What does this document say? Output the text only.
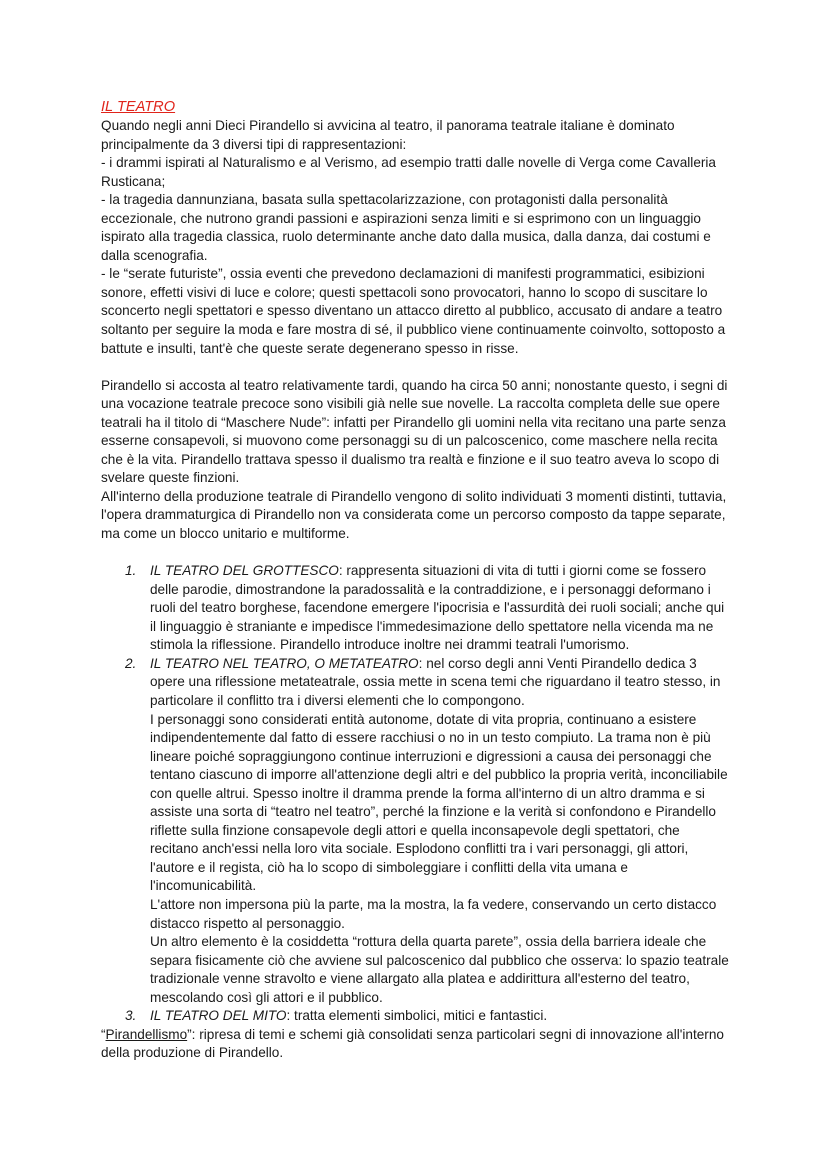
IL TEATRO

Quando negli anni Dieci Pirandello si avvicina al teatro, il panorama teatrale italiane è dominato principalmente da 3 diversi tipi di rappresentazioni:

- i drammi ispirati al Naturalismo e al Verismo, ad esempio tratti dalle novelle di Verga come Cavalleria Rusticana;

- la tragedia dannunziana, basata sulla spettacolarizzazione, con protagonisti dalla personalità eccezionale, che nutrono grandi passioni e aspirazioni senza limiti e si esprimono con un linguaggio ispirato alla tragedia classica, ruolo determinante anche dato dalla musica, dalla danza, dai costumi e dalla scenografia.

- le “serate futuriste”, ossia eventi che prevedono declamazioni di manifesti programmatici, esibizioni sonore, effetti visivi di luce e colore; questi spettacoli sono provocatori, hanno lo scopo di suscitare lo sconcerto negli spettatori e spesso diventano un attacco diretto al pubblico, accusato di andare a teatro soltanto per seguire la moda e fare mostra di sé, il pubblico viene continuamente coinvolto, sottoposto a battute e insulti, tant'è che queste serate degenerano spesso in risse.

Pirandello si accosta al teatro relativamente tardi, quando ha circa 50 anni; nonostante questo, i segni di una vocazione teatrale precoce sono visibili già nelle sue novelle. La raccolta completa delle sue opere teatrali ha il titolo di “Maschere Nude”: infatti per Pirandello gli uomini nella vita recitano una parte senza esserne consapevoli, si muovono come personaggi su di un palcoscenico, come maschere nella recita che è la vita. Pirandello trattava spesso il dualismo tra realtà e finzione e il suo teatro aveva lo scopo di svelare queste finzioni.

All'interno della produzione teatrale di Pirandello vengono di solito individuati 3 momenti distinti, tuttavia, l'opera drammaturgica di Pirandello non va considerata come un percorso composto da tappe separate, ma come un blocco unitario e multiforme.

1. IL TEATRO DEL GROTTESCO: rappresenta situazioni di vita di tutti i giorni come se fossero delle parodie, dimostrandone la paradossalità e la contraddizione, e i personaggi deformano i ruoli del teatro borghese, facendone emergere l'ipocrisia e l'assurdità dei ruoli sociali; anche qui il linguaggio è straniante e impedisce l'immedesimazione dello spettatore nella vicenda ma ne stimola la riflessione. Pirandello introduce inoltre nei drammi teatrali l'umorismo.
2. IL TEATRO NEL TEATRO, O METATEATRO: nel corso degli anni Venti Pirandello dedica 3 opere una riflessione metateatrale, ossia mette in scena temi che riguardano il teatro stesso, in particolare il conflitto tra i diversi elementi che lo compongono.
I personaggi sono considerati entità autonome, dotate di vita propria, continuano a esistere indipendentemente dal fatto di essere racchiusi o no in un testo compiuto. La trama non è più lineare poiché sopraggiungono continue interruzioni e digressioni a causa dei personaggi che tentano ciascuno di imporre all'attenzione degli altri e del pubblico la propria verità, inconciliabile con quelle altrui. Spesso inoltre il dramma prende la forma all'interno di un altro dramma e si assiste una sorta di “teatro nel teatro”, perché la finzione e la verità si confondono e Pirandello riflette sulla finzione consapevole degli attori e quella inconsapevole degli spettatori, che recitano anch'essi nella loro vita sociale. Esplodono conflitti tra i vari personaggi, gli attori, l'autore e il regista, ciò ha lo scopo di simboleggiare i conflitti della vita umana e l'incomunicabilità.
L'attore non impersona più la parte, ma la mostra, la fa vedere, conservando un certo distacco distacco rispetto al personaggio.
Un altro elemento è la cosiddetta “rottura della quarta parete”, ossia della barriera ideale che separa fisicamente ciò che avviene sul palcoscenico dal pubblico che osserva: lo spazio teatrale tradizionale venne stravolto e viene allargato alla platea e addirittura all'esterno del teatro, mescolando così gli attori e il pubblico.
3. IL TEATRO DEL MITO: tratta elementi simbolici, mitici e fantastici.

“Pirandellismo”: ripresa di temi e schemi già consolidati senza particolari segni di innovazione all'interno della produzione di Pirandello.
